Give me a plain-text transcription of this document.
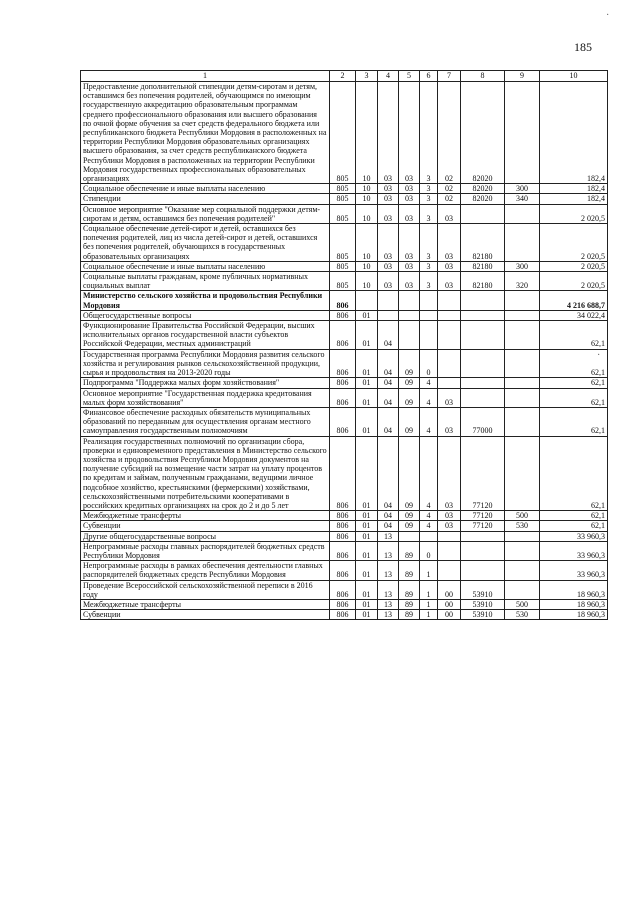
185
·
·
1	2	3	4	5	6	7	8	9	10
Предоставление дополнительной стипендии детям-сиротам и детям, оставшимся без попечения родителей, обучающимся по имеющим государственную аккредитацию образовательным программам среднего профессионального образования или высшего образования по очной форме обучения за счет средств федерального бюджета или республиканского бюджета Республики Мордовия в расположенных на территории Республики Мордовия образовательных организациях высшего образования, за счет средств республиканского бюджета Республики Мордовия в расположенных на территории Республики Мордовия государственных профессиональных образовательных организациях	805	10	03	03	3	02	82020		182,4
Социальное обеспечение и иные выплаты населению	805	10	03	03	3	02	82020	300	182,4
Стипендии	805	10	03	03	3	02	82020	340	182,4
Основное мероприятие "Оказание мер социальной поддержки детям-сиротам и детям, оставшимся без попечения родителей"	805	10	03	03	3	03			2 020,5
Социальное обеспечение детей-сирот и детей, оставшихся без попечения родителей, лиц из числа детей-сирот и детей, оставшихся без попечения родителей, обучающихся в государственных образовательных организациях	805	10	03	03	3	03	82180		2 020,5
Социальное обеспечение и иные выплаты населению	805	10	03	03	3	03	82180	300	2 020,5
Социальные выплаты гражданам, кроме публичных нормативных социальных выплат	805	10	03	03	3	03	82180	320	2 020,5
Министерство сельского хозяйства и продовольствия Республики Мордовия	806								4 216 688,7
Общегосударственные вопросы	806	01							34 022,4
Функционирование Правительства Российской Федерации, высших исполнительных органов государственной власти субъектов Российской Федерации, местных администраций	806	01	04						62,1
Государственная программа Республики Мордовия развития сельского хозяйства и регулирования рынков сельскохозяйственной продукции, сырья и продовольствия на 2013-2020 годы	806	01	04	09	0				62,1
Подпрограмма "Поддержка малых форм хозяйствования"	806	01	04	09	4				62,1
Основное мероприятие "Государственная поддержка кредитования малых форм хозяйствования"	806	01	04	09	4	03			62,1
Финансовое обеспечение расходных обязательств муниципальных образований по переданным для осуществления органам местного самоуправления государственным полномочиям	806	01	04	09	4	03	77000		62,1
Реализация государственных полномочий по организации сбора, проверки и единовременного представления в Министерство сельского хозяйства и продовольствия Республики Мордовия документов на получение субсидий на возмещение части затрат на уплату процентов по кредитам и займам, полученным гражданами, ведущими личное подсобное хозяйство, крестьянскими (фермерскими) хозяйствами, сельскохозяйственными потребительскими кооперативами в российских кредитных организациях на срок до 2 и до 5 лет	806	01	04	09	4	03	77120		62,1
Межбюджетные трансферты	806	01	04	09	4	03	77120	500	62,1
Субвенции	806	01	04	09	4	03	77120	530	62,1
Другие общегосударственные вопросы	806	01	13						33 960,3
Непрограммные расходы главных распорядителей бюджетных средств Республики Мордовия	806	01	13	89	0				33 960,3
Непрограммные расходы в рамках обеспечения деятельности главных распорядителей бюджетных средств Республики Мордовия	806	01	13	89	1				33 960,3
Проведение Всероссийской сельскохозяйственной переписи в 2016 году	806	01	13	89	1	00	53910		18 960,3
Межбюджетные трансферты	806	01	13	89	1	00	53910	500	18 960,3
Субвенции	806	01	13	89	1	00	53910	530	18 960,3
